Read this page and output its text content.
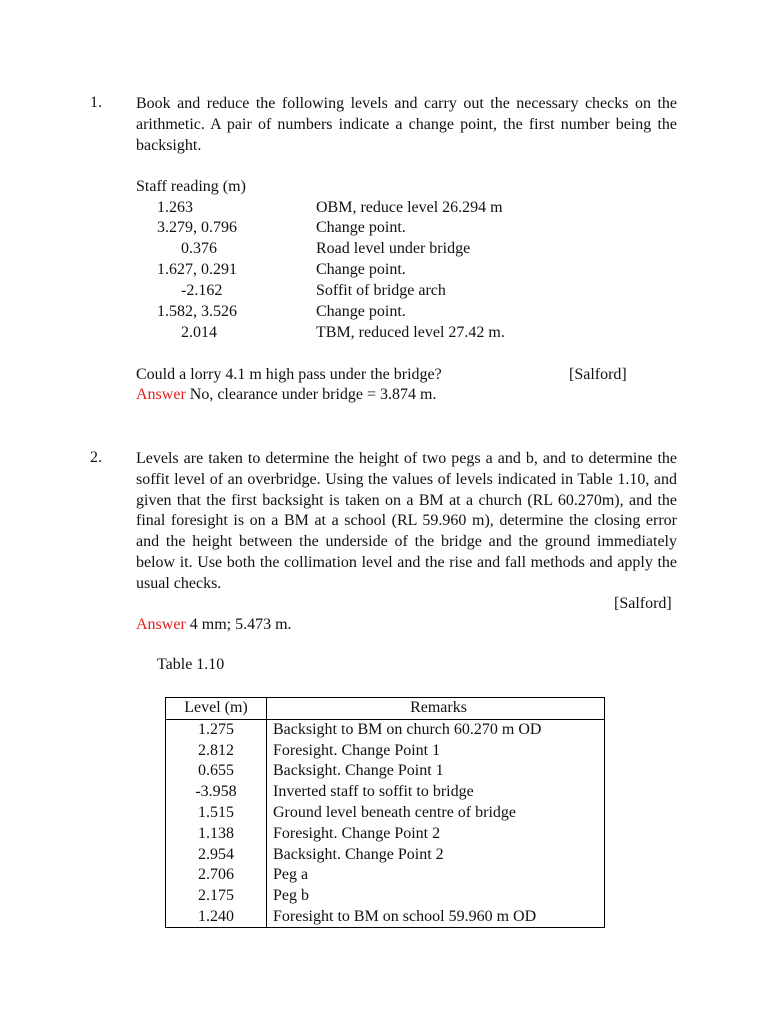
1. Book and reduce the following levels and carry out the necessary checks on the arithmetic. A pair of numbers indicate a change point, the first number being the backsight.
Staff reading (m)
1.263	OBM, reduce level 26.294 m
3.279, 0.796	Change point.
0.376	Road level under bridge
1.627, 0.291	Change point.
-2.162	Soffit of bridge arch
1.582, 3.526	Change point.
2.014	TBM, reduced level 27.42 m.
Could a lorry 4.1 m high pass under the bridge?	[Salford]
Answer No, clearance under bridge = 3.874 m.
2. Levels are taken to determine the height of two pegs a and b, and to determine the soffit level of an overbridge. Using the values of levels indicated in Table 1.10, and given that the first backsight is taken on a BM at a church (RL 60.270m), and the final foresight is on a BM at a school (RL 59.960 m), determine the closing error and the height between the underside of the bridge and the ground immediately below it. Use both the collimation level and the rise and fall methods and apply the usual checks.
[Salford]
Answer 4 mm; 5.473 m.
Table 1.10
Level (m)	Remarks
1.275	Backsight to BM on church 60.270 m OD
2.812	Foresight. Change Point 1
0.655	Backsight. Change Point 1
-3.958	Inverted staff to soffit to bridge
1.515	Ground level beneath centre of bridge
1.138	Foresight. Change Point 2
2.954	Backsight. Change Point 2
2.706	Peg a
2.175	Peg b
1.240	Foresight to BM on school 59.960 m OD
